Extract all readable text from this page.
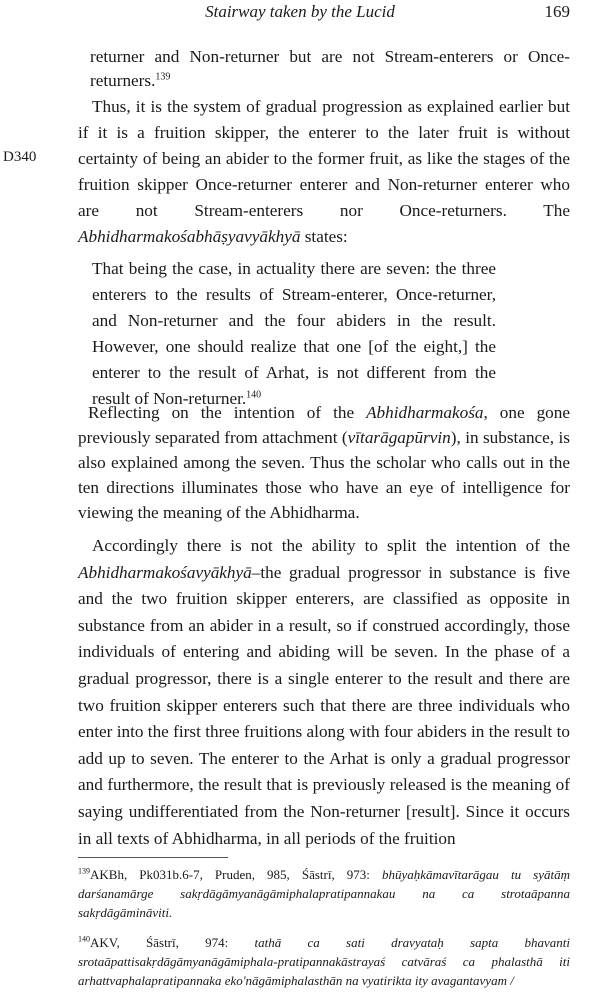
Stairway taken by the Lucid	169
D340
returner and Non-returner but are not Stream-enterers or Once-returners.$^{139}$
Thus, it is the system of gradual progression as explained earlier but if it is a fruition skipper, the enterer to the later fruit is without certainty of being an abider to the former fruit, as like the stages of the fruition skipper Once-returner enterer and Non-returner enterer who are not Stream-enterers nor Once-returners. The Abhidharmakośabhāṣyavyākhyā states:
That being the case, in actuality there are seven: the three enterers to the results of Stream-enterer, Once-returner, and Non-returner and the four abiders in the result. However, one should realize that one [of the eight,] the enterer to the result of Arhat, is not different from the result of Non-returner.$^{140}$
Reflecting on the intention of the Abhidharmakośa, one gone previously separated from attachment (vītarāgapūrvin), in substance, is also explained among the seven. Thus the scholar who calls out in the ten directions illuminates those who have an eye of intelligence for viewing the meaning of the Abhidharma.
Accordingly there is not the ability to split the intention of the Abhidharmakośavyākhyā–the gradual progressor in substance is five and the two fruition skipper enterers, are classified as opposite in substance from an abider in a result, so if construed accordingly, those individuals of entering and abiding will be seven. In the phase of a gradual progressor, there is a single enterer to the result and there are two fruition skipper enterers such that there are three individuals who enter into the first three fruitions along with four abiders in the result to add up to seven. The enterer to the Arhat is only a gradual progressor and furthermore, the result that is previously released is the meaning of saying undifferentiated from the Non-returner [result]. Since it occurs in all texts of Abhidharma, in all periods of the fruition
$^{139}$AKBh, Pk031b.6-7, Pruden, 985, Śāstrī, 973: bhūyaḥkāmavītarāgau tu syātāṃ darśanamārge sakṛdāgāmyanāgāmiphalapratipannakau na ca strotaāpanna sakṛdāgāmināviti.
$^{140}$AKV, Śāstrī, 974: tathā ca sati dravyataḥ sapta bhavanti srotaāpattisakṛdāgāmyanāgāmiphala-pratipannakāstrayaś catvāraś ca phalasthā iti arhattvaphalapratipannaka eko'nāgāmiphalasthān na vyatirikta ity avagantavyam /
